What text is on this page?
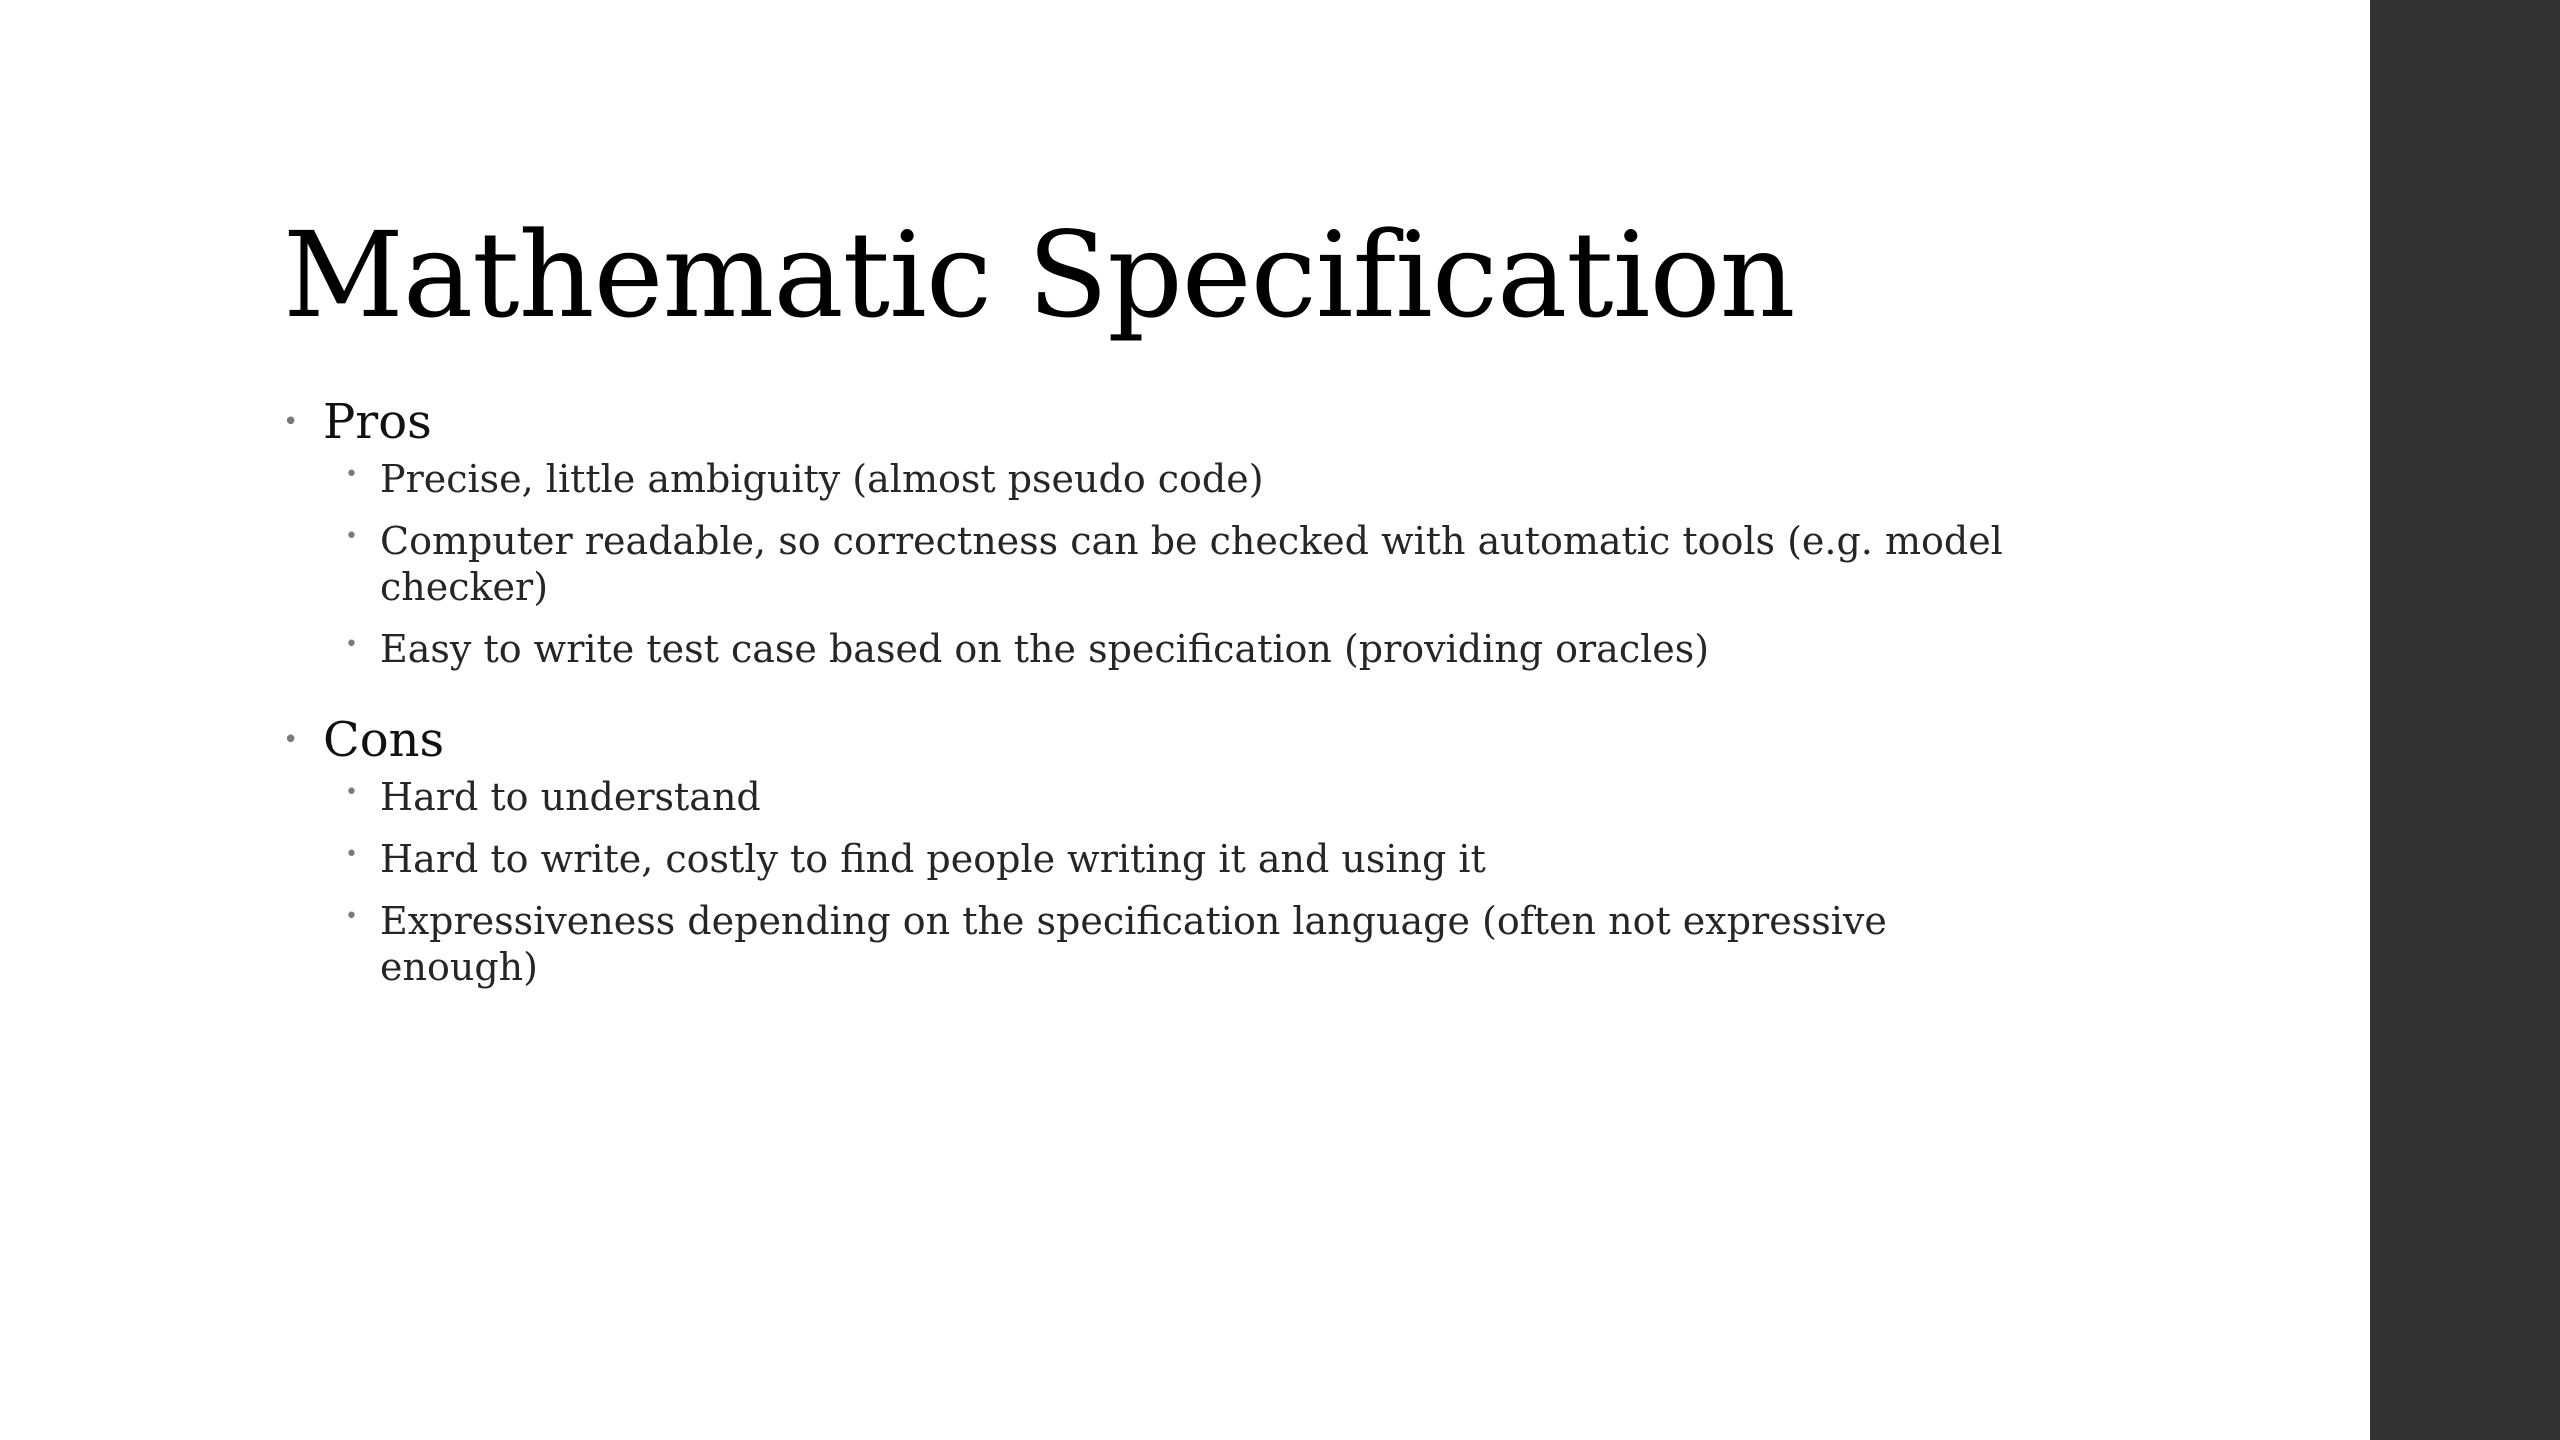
Mathematic Specification
• Pros
• Precise, little ambiguity (almost pseudo code)
• Computer readable, so correctness can be checked with automatic tools (e.g. model checker)
• Easy to write test case based on the specification (providing oracles)
• Cons
• Hard to understand
• Hard to write, costly to find people writing it and using it
• Expressiveness depending on the specification language (often not expressive enough)
